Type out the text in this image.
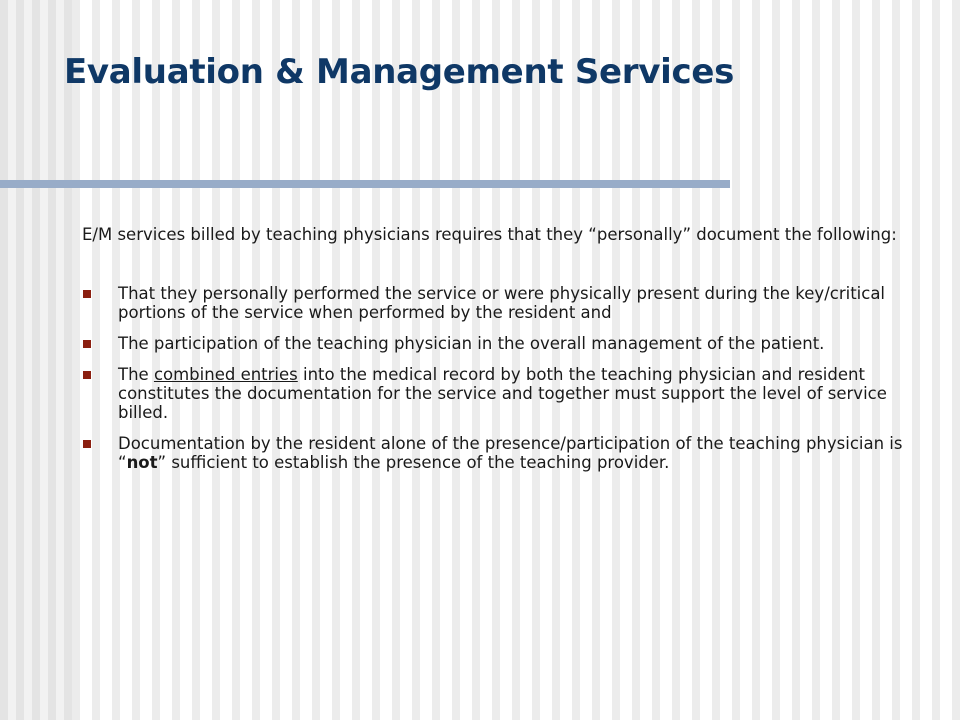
Evaluation & Management Services

E/M services billed by teaching physicians requires that they “personally” document the following:

That they personally performed the service or were physically present during the key/critical portions of the service when performed by the resident and
The participation of the teaching physician in the overall management of the patient.
The combined entries into the medical record by both the teaching physician and resident constitutes the documentation for the service and together must support the level of service billed.
Documentation by the resident alone of the presence/participation of the teaching physician is “not” sufficient to establish the presence of the teaching provider.
